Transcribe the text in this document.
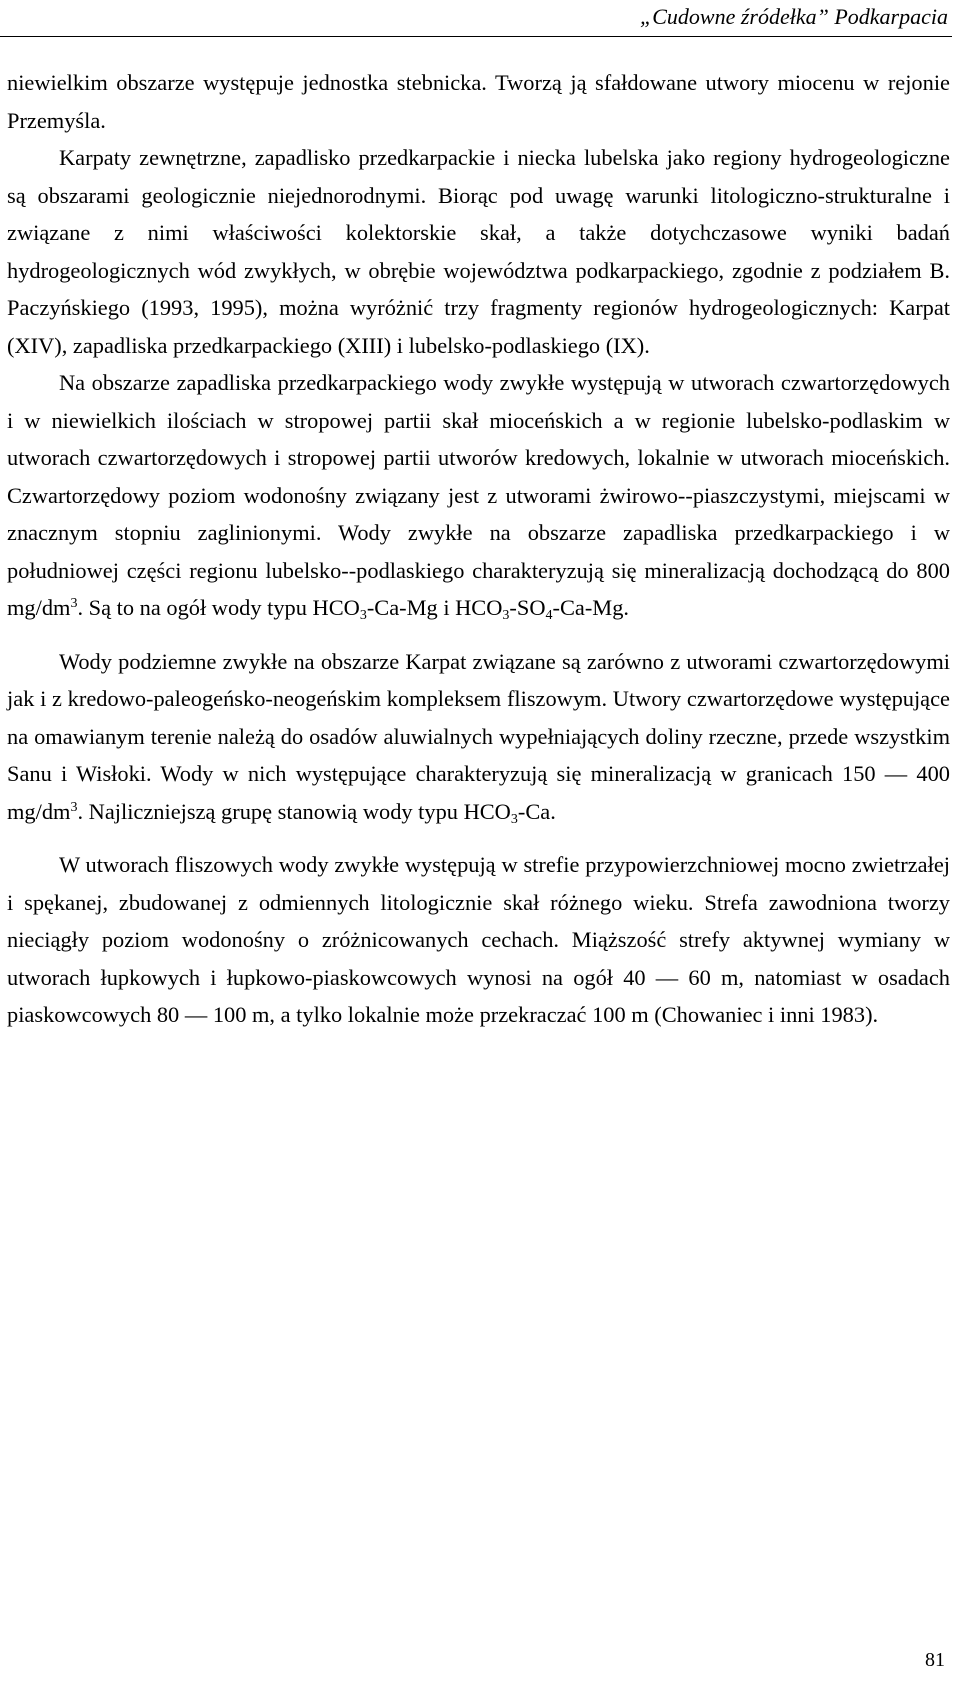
„Cudowne źródełka” Podkarpacia

niewielkim obszarze występuje jednostka stebnicka. Tworzą ją sfałdowane utwory miocenu w rejonie Przemyśla.

Karpaty zewnętrzne, zapadlisko przedkarpackie i niecka lubelska jako regiony hydrogeologiczne są obszarami geologicznie niejednorodnymi. Biorąc pod uwagę warunki litologiczno-strukturalne i związane z nimi właściwości kolektorskie skał, a także dotychczasowe wyniki badań hydrogeologicznych wód zwykłych, w obrębie województwa podkarpackiego, zgodnie z podziałem B. Paczyńskiego (1993, 1995), można wyróżnić trzy fragmenty regionów hydrogeologicznych: Karpat (XIV), zapadliska przedkarpackiego (XIII) i lubelsko-podlaskiego (IX).

Na obszarze zapadliska przedkarpackiego wody zwykłe występują w utworach czwartorzędowych i w niewielkich ilościach w stropowej partii skał mioceńskich a w regionie lubelsko-podlaskim w utworach czwartorzędowych i stropowej partii utworów kredowych, lokalnie w utworach mioceńskich. Czwartorzędowy poziom wodonośny związany jest z utworami żwirowo-‑piaszczystymi, miejscami w znacznym stopniu zaglinionymi. Wody zwykłe na obszarze zapadliska przedkarpackiego i w południowej części regionu lubelsko-‑podlaskiego charakteryzują się mineralizacją dochodzącą do 800 $mg/dm^3$. Są to na ogół wody typu $HCO_3-Ca-Mg$ i $HCO_3-SO_4-Ca-Mg$.

Wody podziemne zwykłe na obszarze Karpat związane są zarówno z utworami czwartorzędowymi jak i z kredowo-paleogeńsko-neogeńskim kompleksem fliszowym. Utwory czwartorzędowe występujące na omawianym terenie należą do osadów aluwialnych wypełniających doliny rzeczne, przede wszystkim Sanu i Wisłoki. Wody w nich występujące charakteryzują się mineralizacją w granicach 150 — 400 $mg/dm^3$. Najliczniejszą grupę stanowią wody typu $HCO_3-Ca$.

W utworach fliszowych wody zwykłe występują w strefie przypowierzchniowej mocno zwietrzałej i spękanej, zbudowanej z odmiennych litologicznie skał różnego wieku. Strefa zawodniona tworzy nieciągły poziom wodonośny o zróżnicowanych cechach. Miąższość strefy aktywnej wymiany w utworach łupkowych i łupkowo-piaskowcowych wynosi na ogół 40 — 60 m, natomiast w osadach piaskowcowych 80 — 100 m, a tylko lokalnie może przekraczać 100 m (Chowaniec i inni 1983).

81
